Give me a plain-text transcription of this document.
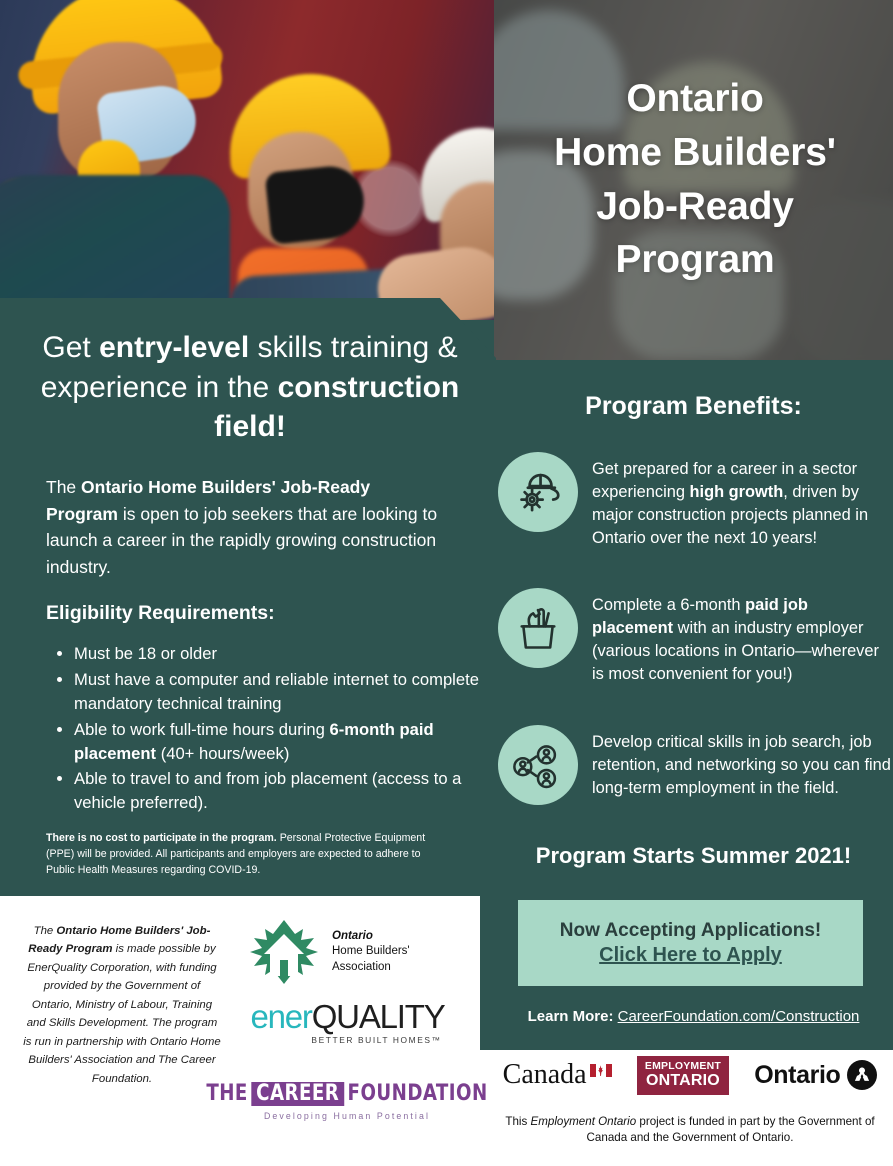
Ontario
Home Builders'
Job-Ready
Program
Get entry-level skills training & experience in the construction field!
The Ontario Home Builders' Job-Ready Program is open to job seekers that are looking to launch a career in the rapidly growing construction industry.
Eligibility Requirements:
• Must be 18 or older
• Must have a computer and reliable internet to complete mandatory technical training
• Able to work full-time hours during 6-month paid placement (40+ hours/week)
• Able to travel to and from job placement (access to a vehicle preferred).
There is no cost to participate in the program. Personal Protective Equipment (PPE) will be provided. All participants and employers are expected to adhere to Public Health Measures regarding COVID-19.
Program Benefits:
Get prepared for a career in a sector experiencing high growth, driven by major construction projects planned in Ontario over the next 10 years!
Complete a 6-month paid job placement with an industry employer (various locations in Ontario—wherever is most convenient for you!)
Develop critical skills in job search, job retention, and networking so you can find long-term employment in the field.
Program Starts Summer 2021!
Now Accepting Applications!
Click Here to Apply
Learn More: CareerFoundation.com/Construction
The Ontario Home Builders' Job-Ready Program is made possible by EnerQuality Corporation, with funding provided by the Government of Ontario, Ministry of Labour, Training and Skills Development. The program is run in partnership with Ontario Home Builders' Association and The Career Foundation.
Ontario
Home Builders'
Association
enerQUALITY
BETTER BUILT HOMES™
THE CAREER FOUNDATION
Developing Human Potential
Canada	EMPLOYMENT
ONTARIO Ontario
This Employment Ontario project is funded in part by the Government of Canada and the Government of Ontario.
